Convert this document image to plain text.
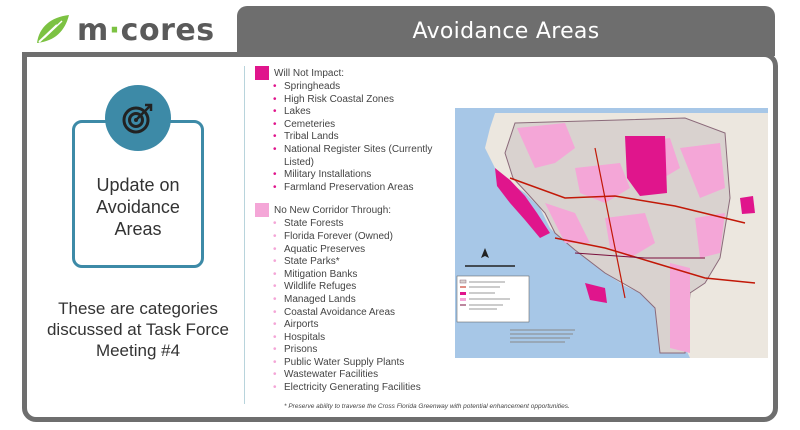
m·cores	Avoidance Areas
Update on
Avoidance
Areas
These are categories
discussed at Task Force
Meeting #4
Will Not Impact:
• Springheads
• High Risk Coastal Zones
• Lakes
• Cemeteries
• Tribal Lands
• National Register Sites (Currently Listed)
• Military Installations
• Farmland Preservation Areas
No New Corridor Through:
• State Forests
• Florida Forever (Owned)
• Aquatic Preserves
• State Parks*
• Mitigation Banks
• Wildlife Refuges
• Managed Lands
• Coastal Avoidance Areas
• Airports
• Hospitals
• Prisons
• Public Water Supply Plants
• Wastewater Facilities
• Electricity Generating Facilities
* Preserve ability to traverse the Cross Florida Greenway with potential enhancement opportunities.
